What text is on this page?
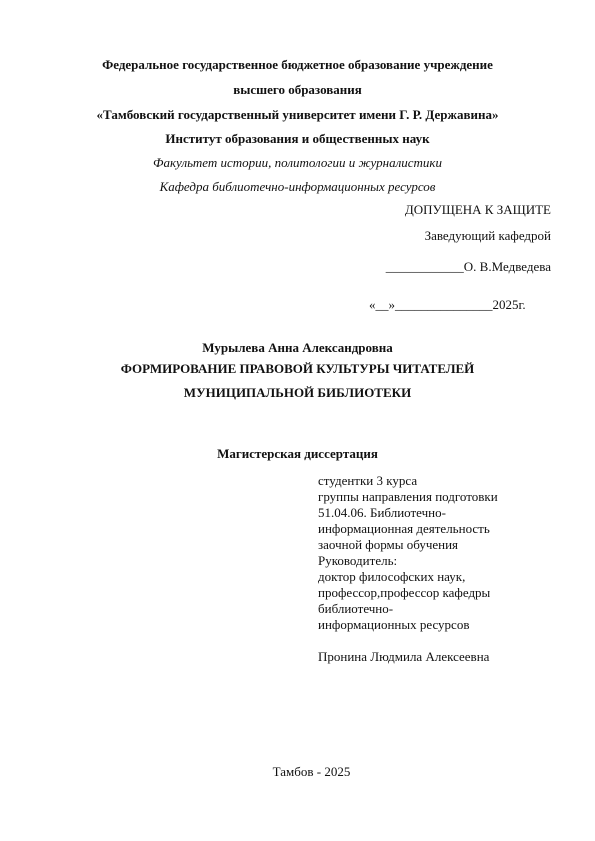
Федеральное государственное бюджетное образование учреждение
высшего образования
«Тамбовский государственный университет имени Г. Р. Державина»
Институт образования и общественных наук
Факультет истории, политологии и журналистики
Кафедра библиотечно-информационных ресурсов
ДОПУЩЕНА К ЗАЩИТЕ
Заведующий кафедрой
____________О. В.Медведева
«__»_______________2025г.
Мурылева Анна Александровна
ФОРМИРОВАНИЕ ПРАВОВОЙ КУЛЬТУРЫ ЧИТАТЕЛЕЙ
МУНИЦИПАЛЬНОЙ БИБЛИОТЕКИ
Магистерская диссертация
студентки 3 курса
группы направления подготовки
51.04.06. Библиотечно-
информационная деятельность
заочной формы обучения
Руководитель:
доктор философских наук,
профессор,профессор кафедры
библиотечно-
информационных ресурсов
Пронина Людмила Алексеевна
Тамбов - 2025
